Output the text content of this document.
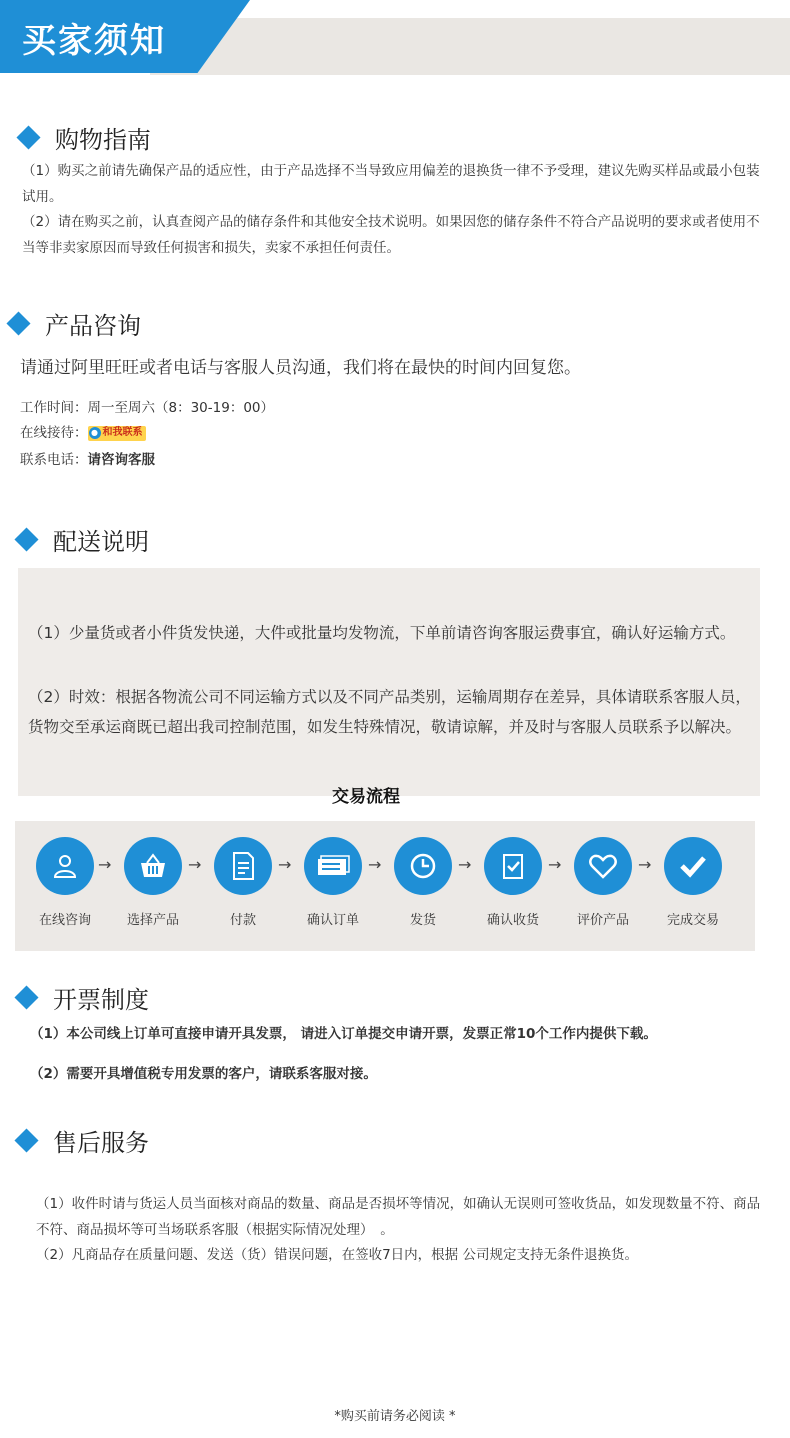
买家须知
购物指南
（1）购买之前请先确保产品的适应性，由于产品选择不当导致应用偏差的退换货一律不予受理，建议先购买样品或最小包装试用。
（2）请在购买之前，认真查阅产品的储存条件和其他安全技术说明。如果因您的储存条件不符合产品说明的要求或者使用不当等非卖家原因而导致任何损害和损失，卖家不承担任何责任。
产品咨询
请通过阿里旺旺或者电话与客服人员沟通，我们将在最快的时间内回复您。
工作时间：周一至周六（8：30-19：00）
在线接待： ● 和我联系
联系电话：请咨询客服
配送说明
（1）少量货或者小件货发快递，大件或批量均发物流，下单前请咨询客服运费事宜，确认好运输方式。
（2）时效：根据各物流公司不同运输方式以及不同产品类别，运输周期存在差异，具体请联系客服人员，货物交至承运商既已超出我司控制范围，如发生特殊情况，敬请谅解，并及时与客服人员联系予以解决。
交易流程
在线咨询
→
选择产品
→
付款
→
确认订单
→
发货
→
确认收货
→
评价产品
→
完成交易
开票制度
（1）本公司线上订单可直接申请开具发票， 请进入订单提交申请开票，发票正常10个工作内提供下载。
（2）需要开具增值税专用发票的客户，请联系客服对接。
售后服务
（1）收件时请与货运人员当面核对商品的数量、商品是否损坏等情况，如确认无误则可签收货品，如发现数量不符、商品不符、商品损坏等可当场联系客服（根据实际情况处理）　。
（2）凡商品存在质量问题、发送（货）错误问题，在签收7日内，根据 公司规定支持无条件退换货。
*购买前请务必阅读 *
